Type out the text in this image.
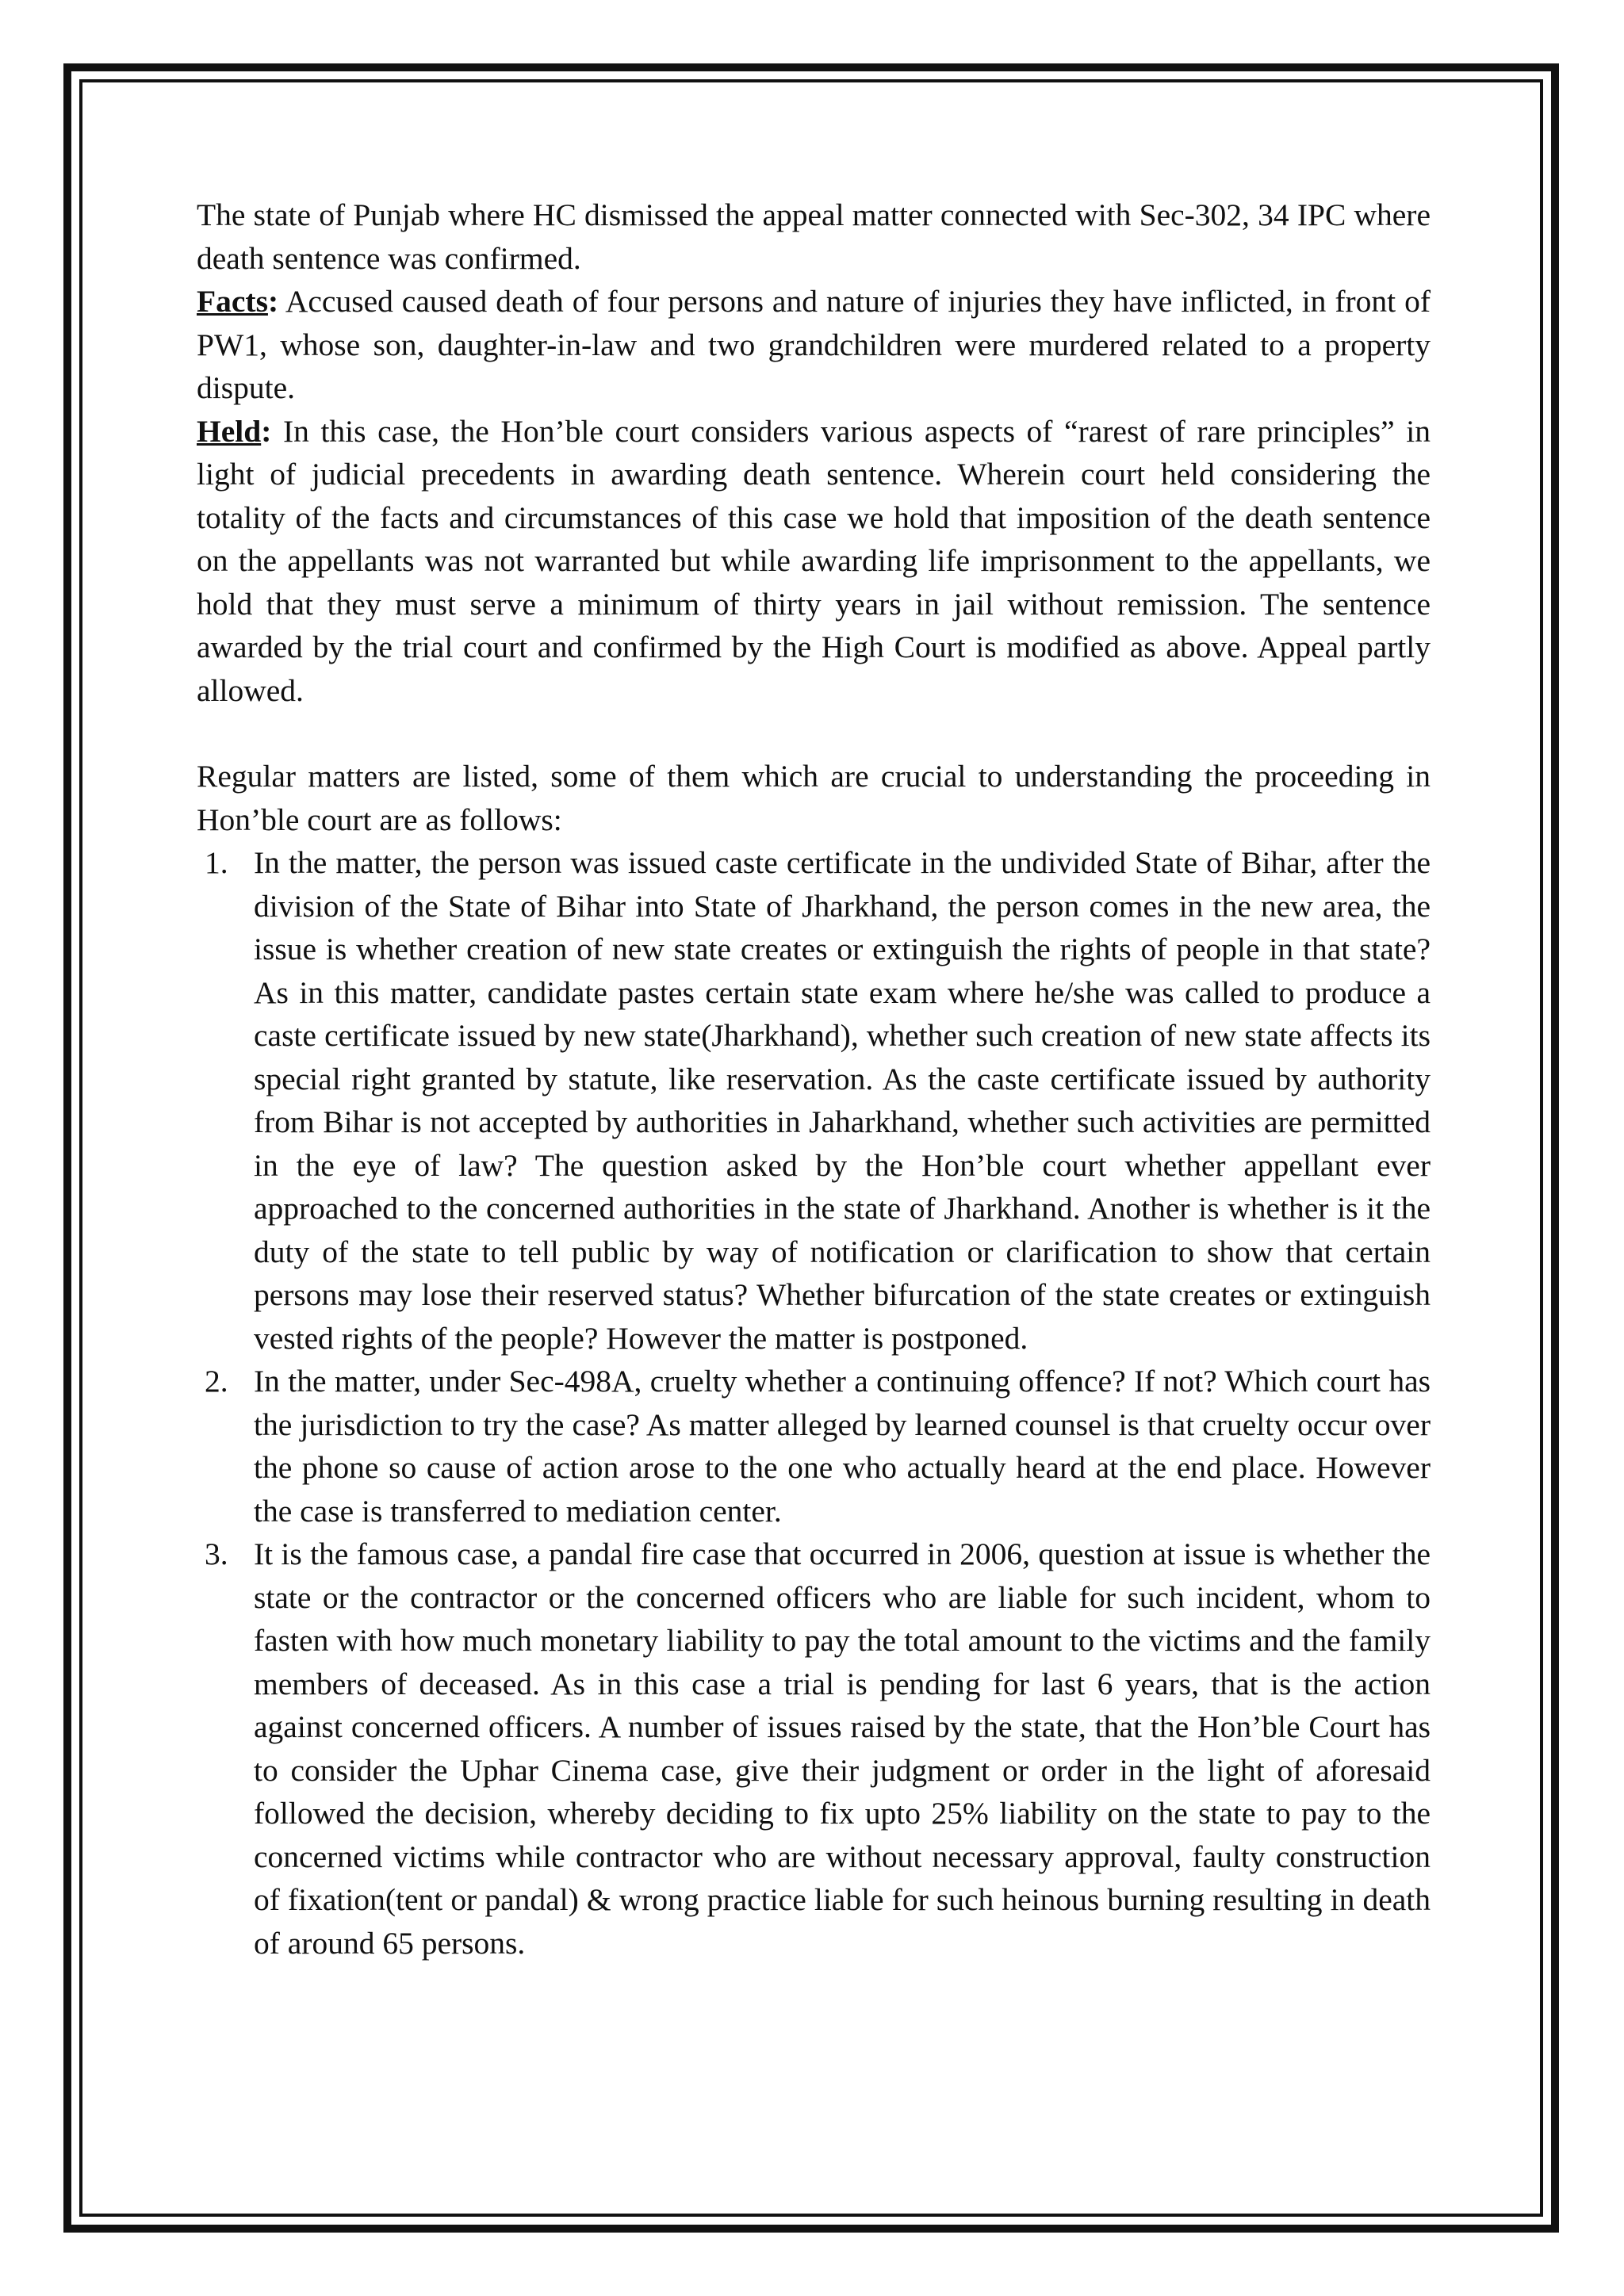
The state of Punjab where HC dismissed the appeal matter connected with Sec-302, 34 IPC where death sentence was confirmed.

Facts: Accused caused death of four persons and nature of injuries they have inflicted, in front of PW1, whose son, daughter-in-law and two grandchildren were murdered related to a property dispute.

Held: In this case, the Hon’ble court considers various aspects of “rarest of rare principles” in light of judicial precedents in awarding death sentence. Wherein court held considering the totality of the facts and circumstances of this case we hold that imposition of the death sentence on the appellants was not warranted but while awarding life imprisonment to the appellants, we hold that they must serve a minimum of thirty years in jail without remission. The sentence awarded by the trial court and confirmed by the High Court is modified as above. Appeal partly allowed.

Regular matters are listed, some of them which are crucial to understanding the proceeding in Hon’ble court are as follows:

1. In the matter, the person was issued caste certificate in the undivided State of Bihar, after the division of the State of Bihar into State of Jharkhand, the person comes in the new area, the issue is whether creation of new state creates or extinguish the rights of people in that state? As in this matter, candidate pastes certain state exam where he/she was called to produce a caste certificate issued by new state(Jharkhand), whether such creation of new state affects its special right granted by statute, like reservation. As the caste certificate issued by authority from Bihar is not accepted by authorities in Jaharkhand, whether such activities are permitted in the eye of law? The question asked by the Hon’ble court whether appellant ever approached to the concerned authorities in the state of Jharkhand. Another is whether is it the duty of the state to tell public by way of notification or clarification to show that certain persons may lose their reserved status? Whether bifurcation of the state creates or extinguish vested rights of the people? However the matter is postponed.
2. In the matter, under Sec-498A, cruelty whether a continuing offence? If not? Which court has the jurisdiction to try the case? As matter alleged by learned counsel is that cruelty occur over the phone so cause of action arose to the one who actually heard at the end place. However the case is transferred to mediation center.
3. It is the famous case, a pandal fire case that occurred in 2006, question at issue is whether the state or the contractor or the concerned officers who are liable for such incident, whom to fasten with how much monetary liability to pay the total amount to the victims and the family members of deceased. As in this case a trial is pending for last 6 years, that is the action against concerned officers. A number of issues raised by the state, that the Hon’ble Court has to consider the Uphar Cinema case, give their judgment or order in the light of aforesaid followed the decision, whereby deciding to fix upto 25% liability on the state to pay to the concerned victims while contractor who are without necessary approval, faulty construction of fixation(tent or pandal) & wrong practice liable for such heinous burning resulting in death of around 65 persons.
